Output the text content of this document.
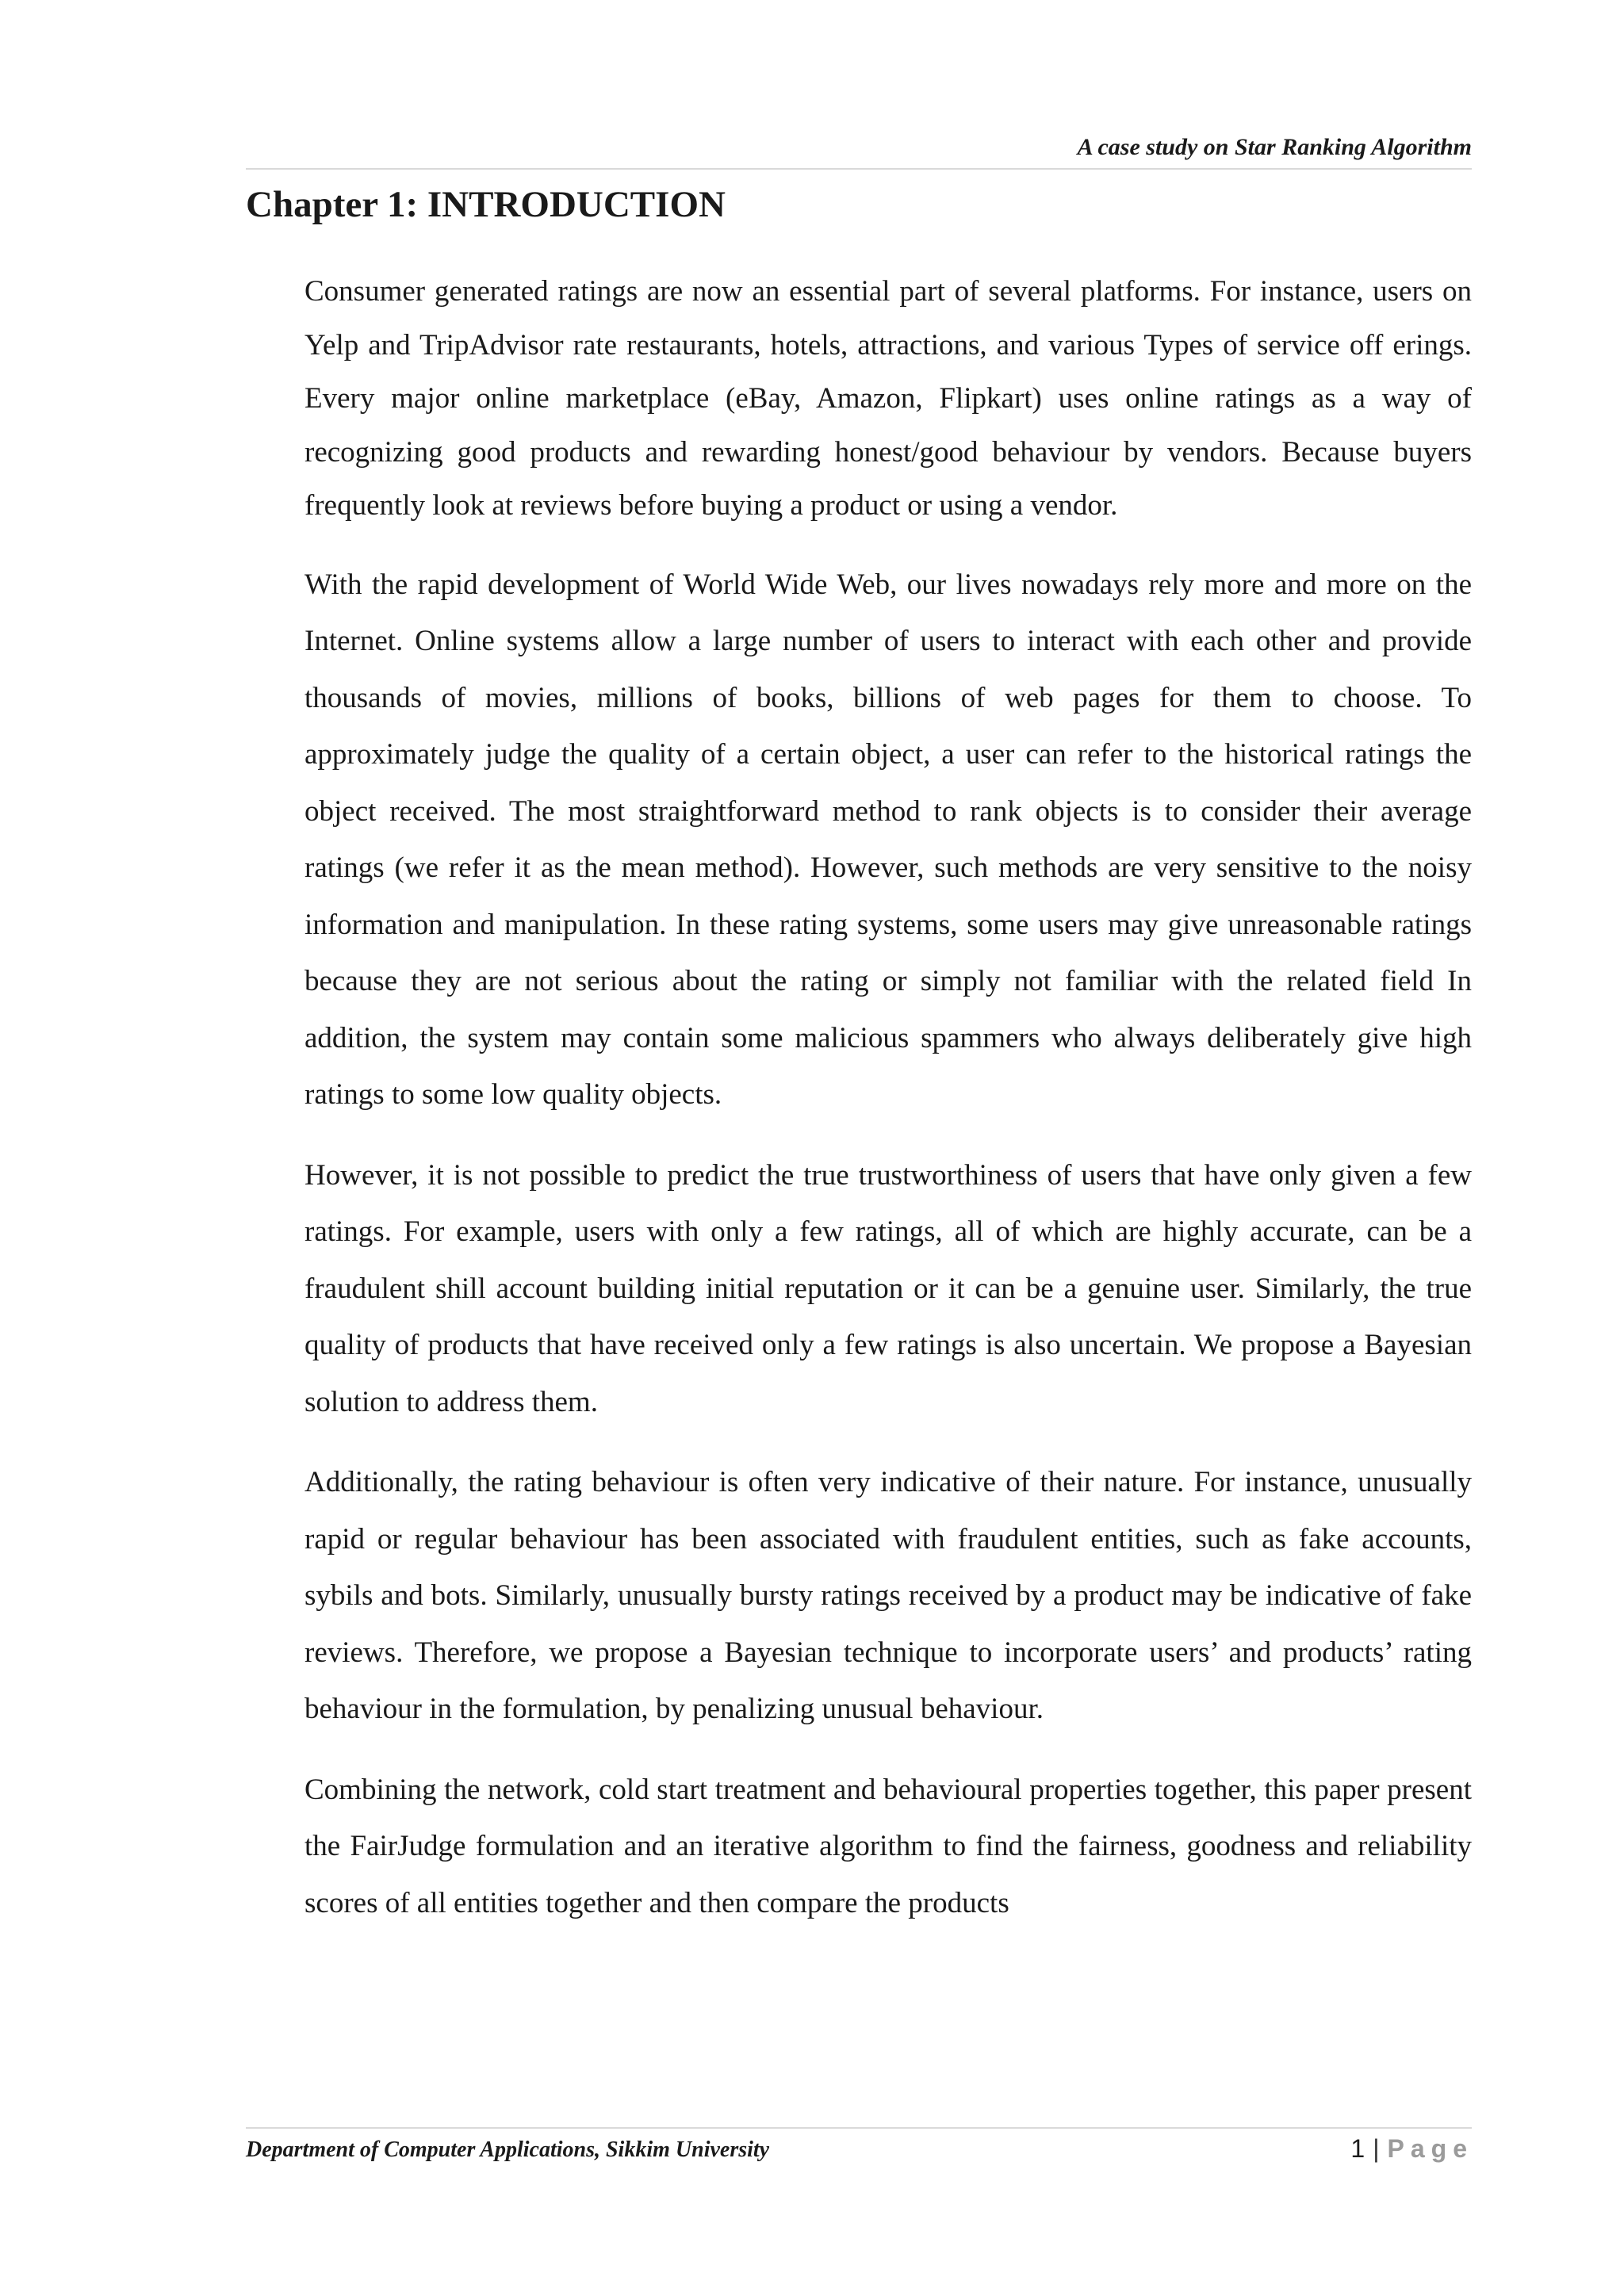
A case study on Star Ranking Algorithm
Chapter 1: INTRODUCTION

Consumer generated ratings are now an essential part of several platforms. For instance, users on Yelp and TripAdvisor rate restaurants, hotels, attractions, and various Types of service off erings. Every major online marketplace (eBay, Amazon, Flipkart) uses online ratings as a way of recognizing good products and rewarding honest/good behaviour by vendors. Because buyers frequently look at reviews before buying a product or using a vendor.

With the rapid development of World Wide Web, our lives nowadays rely more and more on the Internet. Online systems allow a large number of users to interact with each other and provide thousands of movies, millions of books, billions of web pages for them to choose. To approximately judge the quality of a certain object, a user can refer to the historical ratings the object received. The most straightforward method to rank objects is to consider their average ratings (we refer it as the mean method). However, such methods are very sensitive to the noisy information and manipulation. In these rating systems, some users may give unreasonable ratings because they are not serious about the rating or simply not familiar with the related field In addition, the system may contain some malicious spammers who always deliberately give high ratings to some low quality objects.

However, it is not possible to predict the true trustworthiness of users that have only given a few ratings. For example, users with only a few ratings, all of which are highly accurate, can be a fraudulent shill account building initial reputation or it can be a genuine user. Similarly, the true quality of products that have received only a few ratings is also uncertain. We propose a Bayesian solution to address them.

Additionally, the rating behaviour is often very indicative of their nature. For instance, unusually rapid or regular behaviour has been associated with fraudulent entities, such as fake accounts, sybils and bots. Similarly, unusually bursty ratings received by a product may be indicative of fake reviews. Therefore, we propose a Bayesian technique to incorporate users’ and products’ rating behaviour in the formulation, by penalizing unusual behaviour.

Combining the network, cold start treatment and behavioural properties together, this paper present the FairJudge formulation and an iterative algorithm to find the fairness, goodness and reliability scores of all entities together and then compare the products

Department of Computer Applications, Sikkim University	1 | Page
